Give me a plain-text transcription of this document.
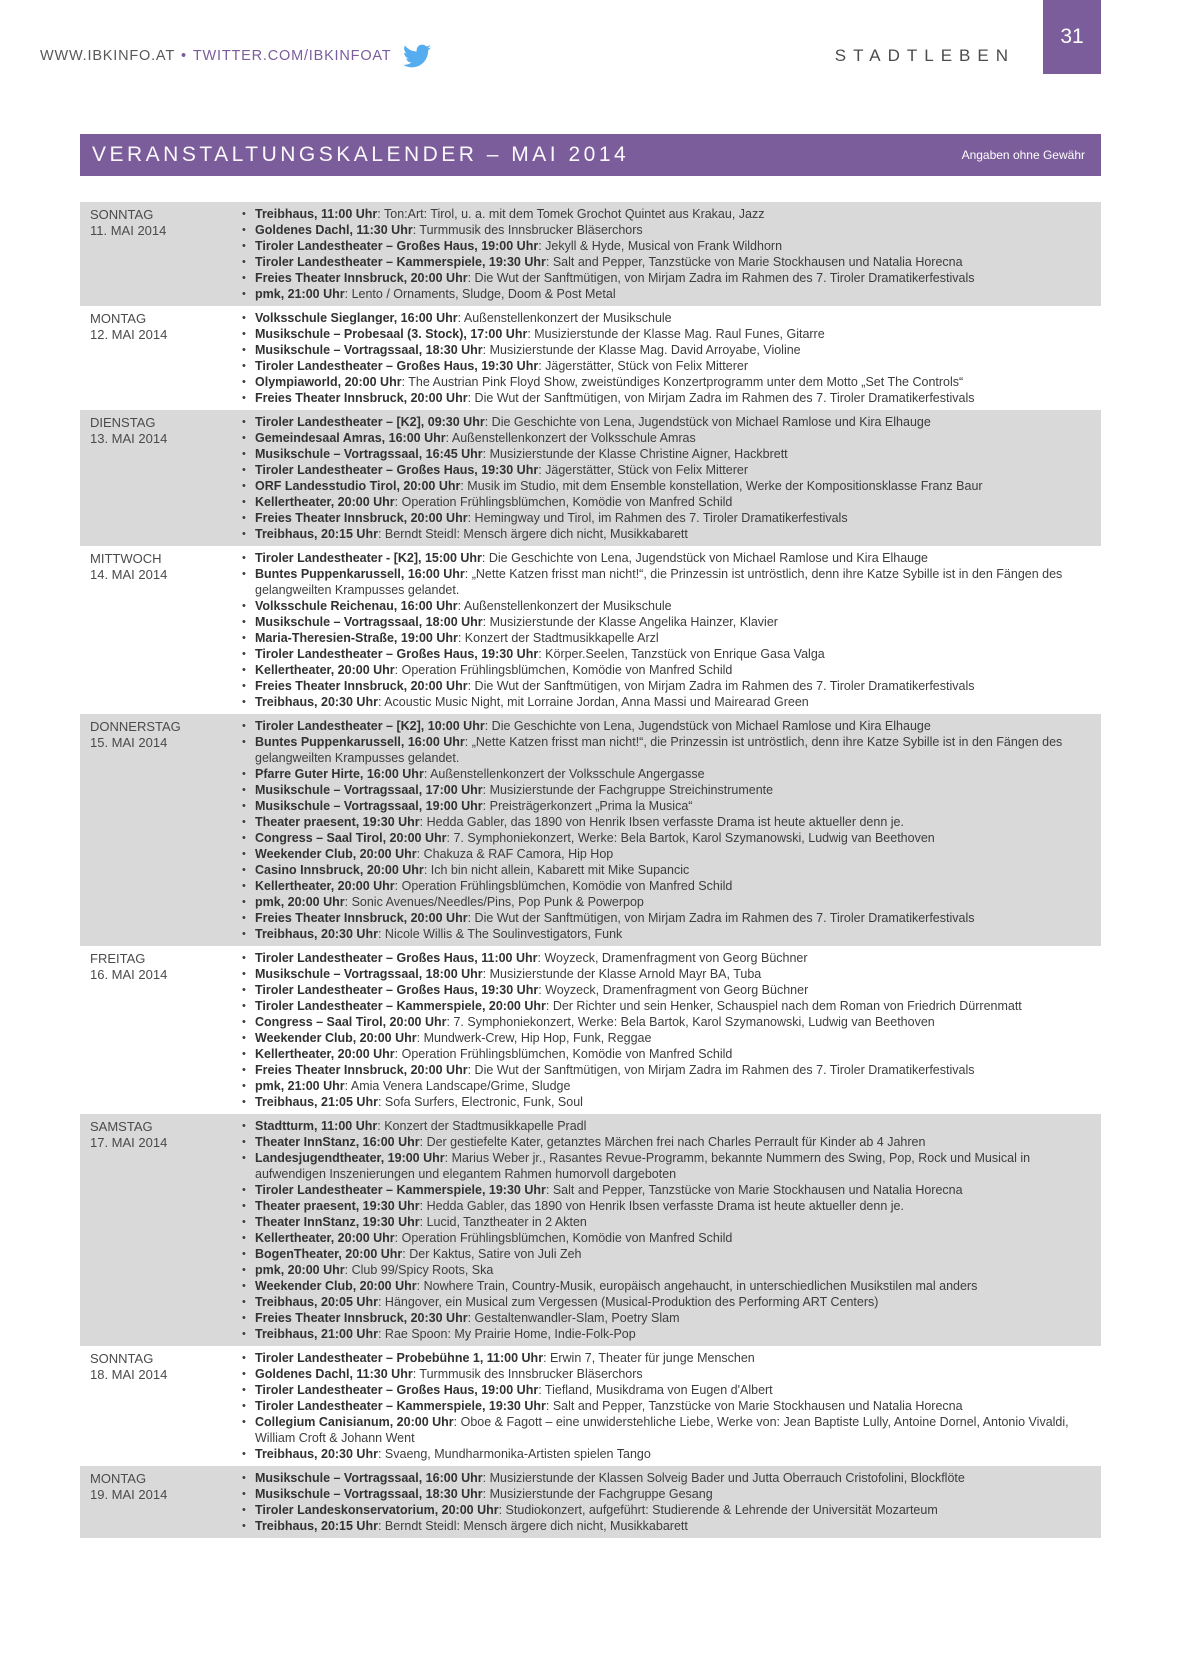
WWW.IBKINFO.AT • TWITTER.COM/IBKINFOAT	STADTLEBEN
31
VERANSTALTUNGSKALENDER – MAI 2014	Angaben ohne Gewähr
SONNTAG
11. MAI 2014
• Treibhaus, 11:00 Uhr: Ton:Art: Tirol, u. a. mit dem Tomek Grochot Quintet aus Krakau, Jazz
• Goldenes Dachl, 11:30 Uhr: Turmmusik des Innsbrucker Bläserchors
• Tiroler Landestheater – Großes Haus, 19:00 Uhr: Jekyll & Hyde, Musical von Frank Wildhorn
• Tiroler Landestheater – Kammerspiele, 19:30 Uhr: Salt and Pepper, Tanzstücke von Marie Stockhausen und Natalia Horecna
• Freies Theater Innsbruck, 20:00 Uhr: Die Wut der Sanftmütigen, von Mirjam Zadra im Rahmen des 7. Tiroler Dramatikerfestivals
• pmk, 21:00 Uhr: Lento / Ornaments, Sludge, Doom & Post Metal
MONTAG
12. MAI 2014
• Volksschule Sieglanger, 16:00 Uhr: Außenstellenkonzert der Musikschule
• Musikschule – Probesaal (3. Stock), 17:00 Uhr: Musizierstunde der Klasse Mag. Raul Funes, Gitarre
• Musikschule – Vortragssaal, 18:30 Uhr: Musizierstunde der Klasse Mag. David Arroyabe, Violine
• Tiroler Landestheater – Großes Haus, 19:30 Uhr: Jägerstätter, Stück von Felix Mitterer
• Olympiaworld, 20:00 Uhr: The Austrian Pink Floyd Show, zweistündiges Konzertprogramm unter dem Motto „Set The Controls“
• Freies Theater Innsbruck, 20:00 Uhr: Die Wut der Sanftmütigen, von Mirjam Zadra im Rahmen des 7. Tiroler Dramatikerfestivals
DIENSTAG
13. MAI 2014
• Tiroler Landestheater – [K2], 09:30 Uhr: Die Geschichte von Lena, Jugendstück von Michael Ramlose und Kira Elhauge
• Gemeindesaal Amras, 16:00 Uhr: Außenstellenkonzert der Volksschule Amras
• Musikschule – Vortragssaal, 16:45 Uhr: Musizierstunde der Klasse Christine Aigner, Hackbrett
• Tiroler Landestheater – Großes Haus, 19:30 Uhr: Jägerstätter, Stück von Felix Mitterer
• ORF Landesstudio Tirol, 20:00 Uhr: Musik im Studio, mit dem Ensemble konstellation, Werke der Kompositionsklasse Franz Baur
• Kellertheater, 20:00 Uhr: Operation Frühlingsblümchen, Komödie von Manfred Schild
• Freies Theater Innsbruck, 20:00 Uhr: Hemingway und Tirol, im Rahmen des 7. Tiroler Dramatikerfestivals
• Treibhaus, 20:15 Uhr: Berndt Steidl: Mensch ärgere dich nicht, Musikkabarett
MITTWOCH
14. MAI 2014
• Tiroler Landestheater - [K2], 15:00 Uhr: Die Geschichte von Lena, Jugendstück von Michael Ramlose und Kira Elhauge
• Buntes Puppenkarussell, 16:00 Uhr: „Nette Katzen frisst man nicht!“, die Prinzessin ist untröstlich, denn ihre Katze Sybille ist in den Fängen des gelangweilten Krampusses gelandet.
• Volksschule Reichenau, 16:00 Uhr: Außenstellenkonzert der Musikschule
• Musikschule – Vortragssaal, 18:00 Uhr: Musizierstunde der Klasse Angelika Hainzer, Klavier
• Maria-Theresien-Straße, 19:00 Uhr: Konzert der Stadtmusikkapelle Arzl
• Tiroler Landestheater – Großes Haus, 19:30 Uhr: Körper.Seelen, Tanzstück von Enrique Gasa Valga
• Kellertheater, 20:00 Uhr: Operation Frühlingsblümchen, Komödie von Manfred Schild
• Freies Theater Innsbruck, 20:00 Uhr: Die Wut der Sanftmütigen, von Mirjam Zadra im Rahmen des 7. Tiroler Dramatikerfestivals
• Treibhaus, 20:30 Uhr: Acoustic Music Night, mit Lorraine Jordan, Anna Massi und Mairearad Green
DONNERSTAG
15. MAI 2014
• Tiroler Landestheater – [K2], 10:00 Uhr: Die Geschichte von Lena, Jugendstück von Michael Ramlose und Kira Elhauge
• Buntes Puppenkarussell, 16:00 Uhr: „Nette Katzen frisst man nicht!“, die Prinzessin ist untröstlich, denn ihre Katze Sybille ist in den Fängen des gelangweilten Krampusses gelandet.
• Pfarre Guter Hirte, 16:00 Uhr: Außenstellenkonzert der Volksschule Angergasse
• Musikschule – Vortragssaal, 17:00 Uhr: Musizierstunde der Fachgruppe Streichinstrumente
• Musikschule – Vortragssaal, 19:00 Uhr: Preisträgerkonzert „Prima la Musica“
• Theater praesent, 19:30 Uhr: Hedda Gabler, das 1890 von Henrik Ibsen verfasste Drama ist heute aktueller denn je.
• Congress – Saal Tirol, 20:00 Uhr: 7. Symphoniekonzert, Werke: Bela Bartok, Karol Szymanowski, Ludwig van Beethoven
• Weekender Club, 20:00 Uhr: Chakuza & RAF Camora, Hip Hop
• Casino Innsbruck, 20:00 Uhr: Ich bin nicht allein, Kabarett mit Mike Supancic
• Kellertheater, 20:00 Uhr: Operation Frühlingsblümchen, Komödie von Manfred Schild
• pmk, 20:00 Uhr: Sonic Avenues/Needles/Pins, Pop Punk & Powerpop
• Freies Theater Innsbruck, 20:00 Uhr: Die Wut der Sanftmütigen, von Mirjam Zadra im Rahmen des 7. Tiroler Dramatikerfestivals
• Treibhaus, 20:30 Uhr: Nicole Willis & The Soulinvestigators, Funk
FREITAG
16. MAI 2014
• Tiroler Landestheater – Großes Haus, 11:00 Uhr: Woyzeck, Dramenfragment von Georg Büchner
• Musikschule – Vortragssaal, 18:00 Uhr: Musizierstunde der Klasse Arnold Mayr BA, Tuba
• Tiroler Landestheater – Großes Haus, 19:30 Uhr: Woyzeck, Dramenfragment von Georg Büchner
• Tiroler Landestheater – Kammerspiele, 20:00 Uhr: Der Richter und sein Henker, Schauspiel nach dem Roman von Friedrich Dürrenmatt
• Congress – Saal Tirol, 20:00 Uhr: 7. Symphoniekonzert, Werke: Bela Bartok, Karol Szymanowski, Ludwig van Beethoven
• Weekender Club, 20:00 Uhr: Mundwerk-Crew, Hip Hop, Funk, Reggae
• Kellertheater, 20:00 Uhr: Operation Frühlingsblümchen, Komödie von Manfred Schild
• Freies Theater Innsbruck, 20:00 Uhr: Die Wut der Sanftmütigen, von Mirjam Zadra im Rahmen des 7. Tiroler Dramatikerfestivals
• pmk, 21:00 Uhr: Amia Venera Landscape/Grime, Sludge
• Treibhaus, 21:05 Uhr: Sofa Surfers, Electronic, Funk, Soul
SAMSTAG
17. MAI 2014
• Stadtturm, 11:00 Uhr: Konzert der Stadtmusikkapelle Pradl
• Theater InnStanz, 16:00 Uhr: Der gestiefelte Kater, getanztes Märchen frei nach Charles Perrault für Kinder ab 4 Jahren
• Landesjugendtheater, 19:00 Uhr: Marius Weber jr., Rasantes Revue-Programm, bekannte Nummern des Swing, Pop, Rock und Musical in aufwendigen Inszenierungen und elegantem Rahmen humorvoll dargeboten
• Tiroler Landestheater – Kammerspiele, 19:30 Uhr: Salt and Pepper, Tanzstücke von Marie Stockhausen und Natalia Horecna
• Theater praesent, 19:30 Uhr: Hedda Gabler, das 1890 von Henrik Ibsen verfasste Drama ist heute aktueller denn je.
• Theater InnStanz, 19:30 Uhr: Lucid, Tanztheater in 2 Akten
• Kellertheater, 20:00 Uhr: Operation Frühlingsblümchen, Komödie von Manfred Schild
• BogenTheater, 20:00 Uhr: Der Kaktus, Satire von Juli Zeh
• pmk, 20:00 Uhr: Club 99/Spicy Roots, Ska
• Weekender Club, 20:00 Uhr: Nowhere Train, Country-Musik, europäisch angehaucht, in unterschiedlichen Musikstilen mal anders
• Treibhaus, 20:05 Uhr: Hängover, ein Musical zum Vergessen (Musical-Produktion des Performing ART Centers)
• Freies Theater Innsbruck, 20:30 Uhr: Gestaltenwandler-Slam, Poetry Slam
• Treibhaus, 21:00 Uhr: Rae Spoon: My Prairie Home, Indie-Folk-Pop
SONNTAG
18. MAI 2014
• Tiroler Landestheater – Probebühne 1, 11:00 Uhr: Erwin 7, Theater für junge Menschen
• Goldenes Dachl, 11:30 Uhr: Turmmusik des Innsbrucker Bläserchors
• Tiroler Landestheater – Großes Haus, 19:00 Uhr: Tiefland, Musikdrama von Eugen d'Albert
• Tiroler Landestheater – Kammerspiele, 19:30 Uhr: Salt and Pepper, Tanzstücke von Marie Stockhausen und Natalia Horecna
• Collegium Canisianum, 20:00 Uhr: Oboe & Fagott – eine unwiderstehliche Liebe, Werke von: Jean Baptiste Lully, Antoine Dornel, Antonio Vivaldi, William Croft & Johann Went
• Treibhaus, 20:30 Uhr: Svaeng, Mundharmonika-Artisten spielen Tango
MONTAG
19. MAI 2014
• Musikschule – Vortragssaal, 16:00 Uhr: Musizierstunde der Klassen Solveig Bader und Jutta Oberrauch Cristofolini, Blockflöte
• Musikschule – Vortragssaal, 18:30 Uhr: Musizierstunde der Fachgruppe Gesang
• Tiroler Landeskonservatorium, 20:00 Uhr: Studiokonzert, aufgeführt: Studierende & Lehrende der Universität Mozarteum
• Treibhaus, 20:15 Uhr: Berndt Steidl: Mensch ärgere dich nicht, Musikkabarett
